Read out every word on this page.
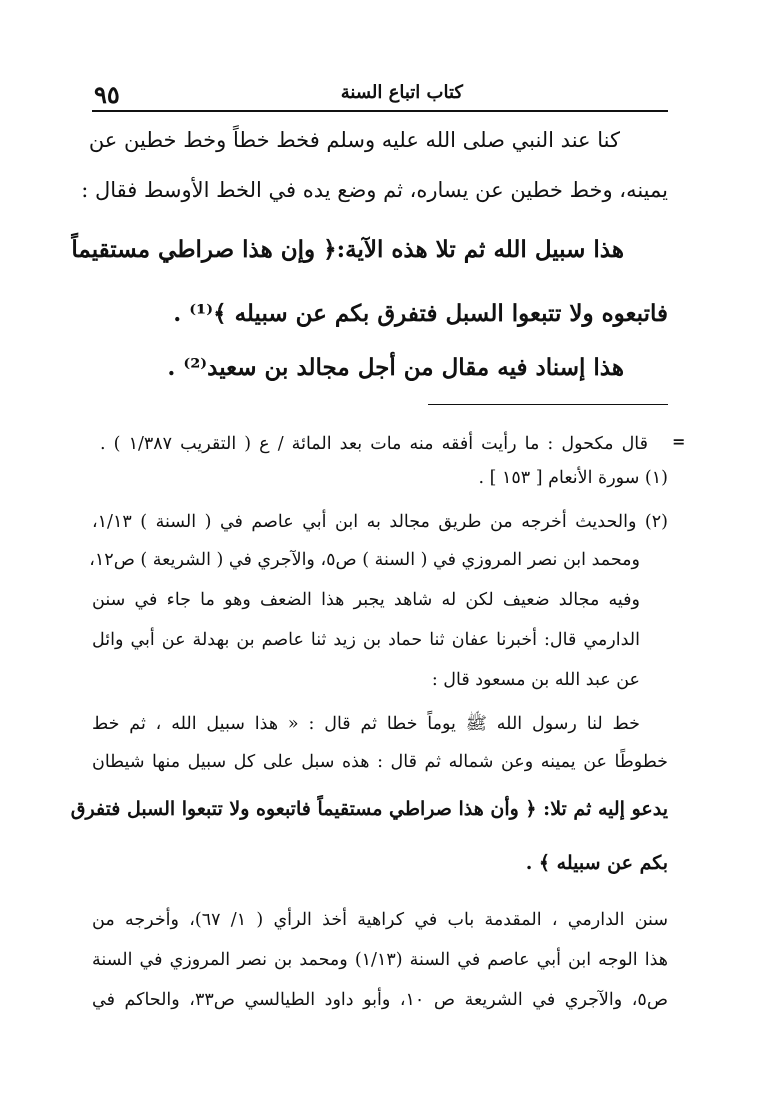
كتاب اتباع السنة
٩٥
كنا عند النبي صلى الله عليه وسلم فخط خطاً وخط خطين عن
يمينه، وخط خطين عن يساره، ثم وضع يده في الخط الأوسط فقال :
هذا سبيل الله ثم تلا هذه الآية:﴿ وإن هذا صراطي مستقيماً
فاتبعوه ولا تتبعوا السبل فتفرق بكم عن سبيله ﴾⁽¹⁾ .
هذا إسناد فيه مقال من أجل مجالد بن سعيد⁽²⁾ .
=
قال مكحول : ما رأيت أفقه منه مات بعد المائة / ع ( التقريب ١/٣٨٧ ) .
(١) سورة الأنعام [ ١٥٣ ] .
(٢) والحديث أخرجه من طريق مجالد به ابن أبي عاصم في ( السنة ) ١/١٣،
ومحمد ابن نصر المروزي في ( السنة ) ص٥، والآجري في ( الشريعة ) ص١٢،
وفيه مجالد ضعيف لكن له شاهد يجبر هذا الضعف وهو ما جاء في سنن
الدارمي قال: أخبرنا عفان ثنا حماد بن زيد ثنا عاصم بن بهدلة عن أبي وائل
عن عبد الله بن مسعود قال :
خط لنا رسول الله ﷺ يوماً خطا ثم قال : « هذا سبيل الله ، ثم خط
خطوطًا عن يمينه وعن شماله ثم قال : هذه سبل على كل سبيل منها شيطان
يدعو إليه ثم تلا: ﴿ وأن هذا صراطي مستقيماً فاتبعوه ولا تتبعوا السبل فتفرق
بكم عن سبيله ﴾ .
سنن الدارمي ، المقدمة باب في كراهية أخذ الرأي ( ١/ ٦٧)، وأخرجه من
هذا الوجه ابن أبي عاصم في السنة (١/١٣) ومحمد بن نصر المروزي في السنة
ص٥، والآجري في الشريعة ص ١٠، وأبو داود الطيالسي ص٣٣، والحاكم في
